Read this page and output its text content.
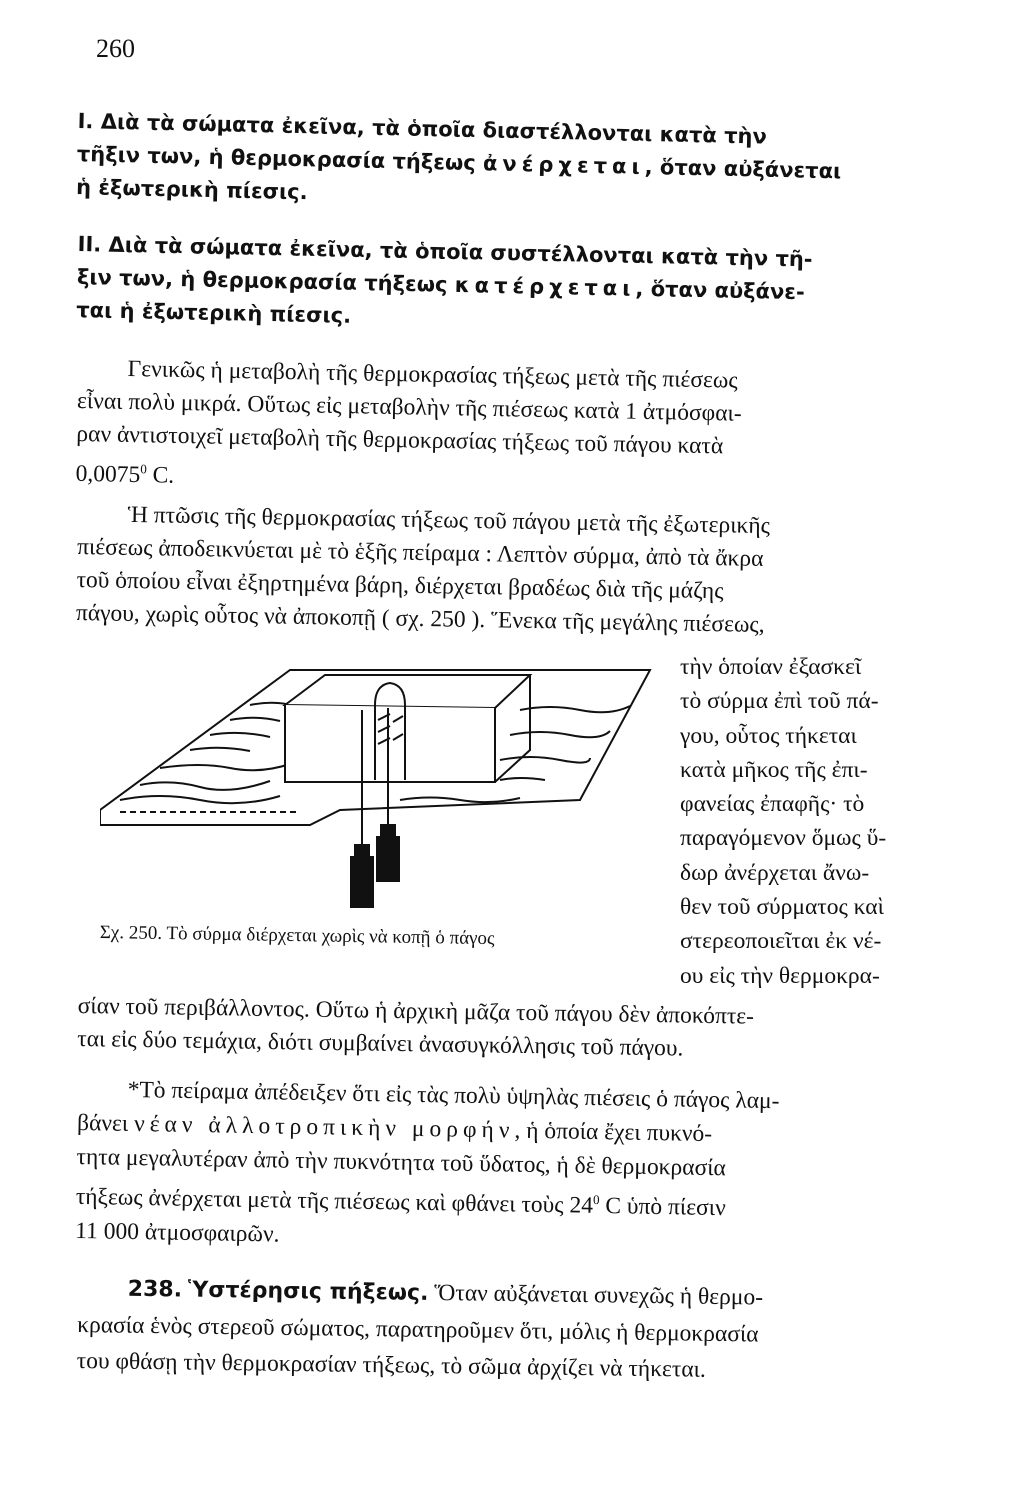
260

I. Διὰ τὰ σώματα ἐκεῖνα, τὰ ὁποῖα διαστέλλονται κατὰ τὴν
τῆξιν των, ἡ θερμοκρασία τήξεως ἀνέρχεται, ὅταν αὐξάνεται
ἡ ἐξωτερικὴ πίεσις.

II. Διὰ τὰ σώματα ἐκεῖνα, τὰ ὁποῖα συστέλλονται κατὰ τὴν τῆ-
ξιν των, ἡ θερμοκρασία τήξεως κατέρχεται, ὅταν αὐξάνε-
ται ἡ ἐξωτερικὴ πίεσις.

Γενικῶς ἡ μεταβολὴ τῆς θερμοκρασίας τήξεως μετὰ τῆς πιέσεως
εἶναι πολὺ μικρά. Οὕτως εἰς μεταβολὴν τῆς πιέσεως κατὰ 1 ἀτμόσφαι-
ραν ἀντιστοιχεῖ μεταβολὴ τῆς θερμοκρασίας τήξεως τοῦ πάγου κατὰ
0,0075$^0$ C.

Ἡ πτῶσις τῆς θερμοκρασίας τήξεως τοῦ πάγου μετὰ τῆς ἐξωτερικῆς
πιέσεως ἀποδεικνύεται μὲ τὸ ἑξῆς πείραμα : Λεπτὸν σύρμα, ἀπὸ τὰ ἄκρα
τοῦ ὁποίου εἶναι ἐξηρτημένα βάρη, διέρχεται βραδέως διὰ τῆς μάζης
πάγου, χωρὶς οὗτος νὰ ἀποκοπῇ ( σχ. 250 ). Ἕνεκα τῆς μεγάλης πιέσεως,

τὴν ὁποίαν ἐξασκεῖ
τὸ σύρμα ἐπὶ τοῦ πά-
γου, οὗτος τήκεται
κατὰ μῆκος τῆς ἐπι-
φανείας ἐπαφῆς· τὸ
παραγόμενον ὅμως ὕ-
δωρ ἀνέρχεται ἄνω-
θεν τοῦ σύρματος καὶ
στερεοποιεῖται ἐκ νέ-
ου εἰς τὴν θερμοκρα-

Σχ. 250. Τὸ σύρμα διέρχεται χωρὶς νὰ κοπῇ ὁ πάγος

σίαν τοῦ περιβάλλοντος. Οὕτω ἡ ἀρχικὴ μᾶζα τοῦ πάγου δὲν ἀποκόπτε-
ται εἰς δύο τεμάχια, διότι συμβαίνει ἀνασυγκόλλησις τοῦ πάγου.

*Τὸ πείραμα ἀπέδειξεν ὅτι εἰς τὰς πολὺ ὑψηλὰς πιέσεις ὁ πάγος λαμ-
βάνει νέαν ἀλλοτροπικὴν μορφήν, ἡ ὁποία ἔχει πυκνό-
τητα μεγαλυτέραν ἀπὸ τὴν πυκνότητα τοῦ ὕδατος, ἡ δὲ θερμοκρασία
τήξεως ἀνέρχεται μετὰ τῆς πιέσεως καὶ φθάνει τοὺς $24^0$ C ὑπὸ πίεσιν
11 000 ἀτμοσφαιρῶν.

238. Ὑστέρησις πήξεως. Ὅταν αὐξάνεται συνεχῶς ἡ θερμο-
κρασία ἑνὸς στερεοῦ σώματος, παρατηροῦμεν ὅτι, μόλις ἡ θερμοκρασία
του φθάσῃ τὴν θερμοκρασίαν τήξεως, τὸ σῶμα ἀρχίζει νὰ τήκεται.
